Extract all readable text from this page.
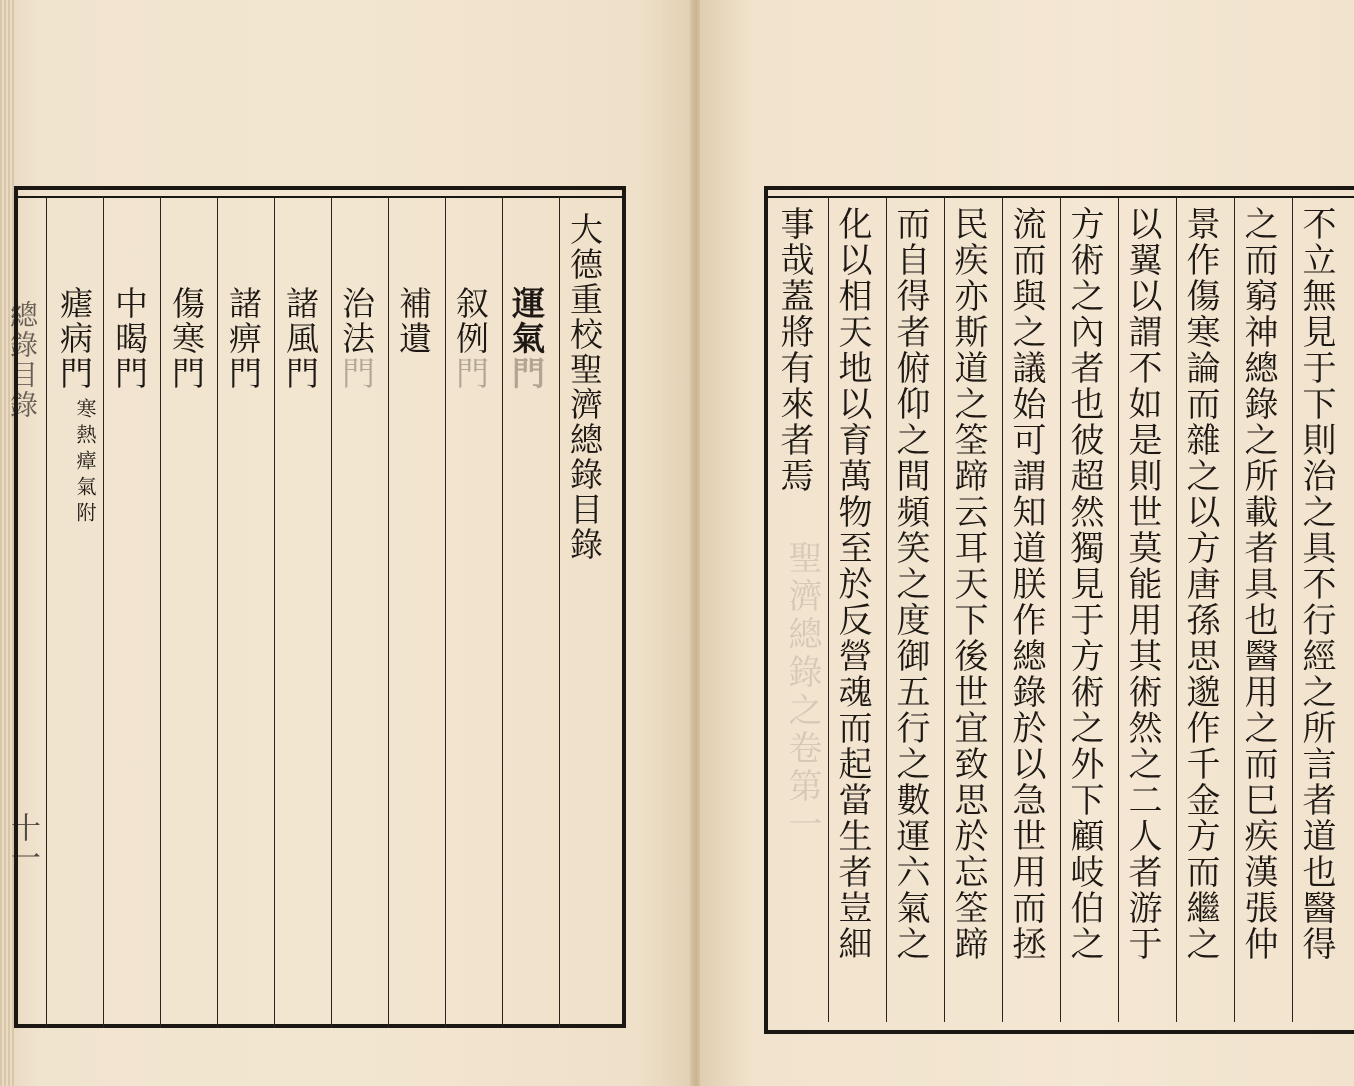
總錄目錄
十一
大德重校聖濟總錄目錄
運氣門
叙例門
補遺
治法門
諸風門
諸痹門
傷寒門
中暍門
瘧病門
寒熱瘴氣附
聖濟總錄之卷第一	不立無見于下則治之具不行經之所言者道也醫得
之而窮神總錄之所載者具也醫用之而巳疾漢張仲
景作傷寒論而雜之以方唐孫思邈作千金方而繼之
以翼以謂不如是則世莫能用其術然之二人者游于
方術之內者也彼超然獨見于方術之外下顧岐伯之
流而與之議始可謂知道朕作總錄於以急世用而拯
民疾亦斯道之筌蹄云耳天下後世宜致思於忘筌蹄
而自得者俯仰之間頻笑之度御五行之數運六氣之
化以相天地以育萬物至於反營魂而起當生者豈細
事哉蓋將有來者焉
